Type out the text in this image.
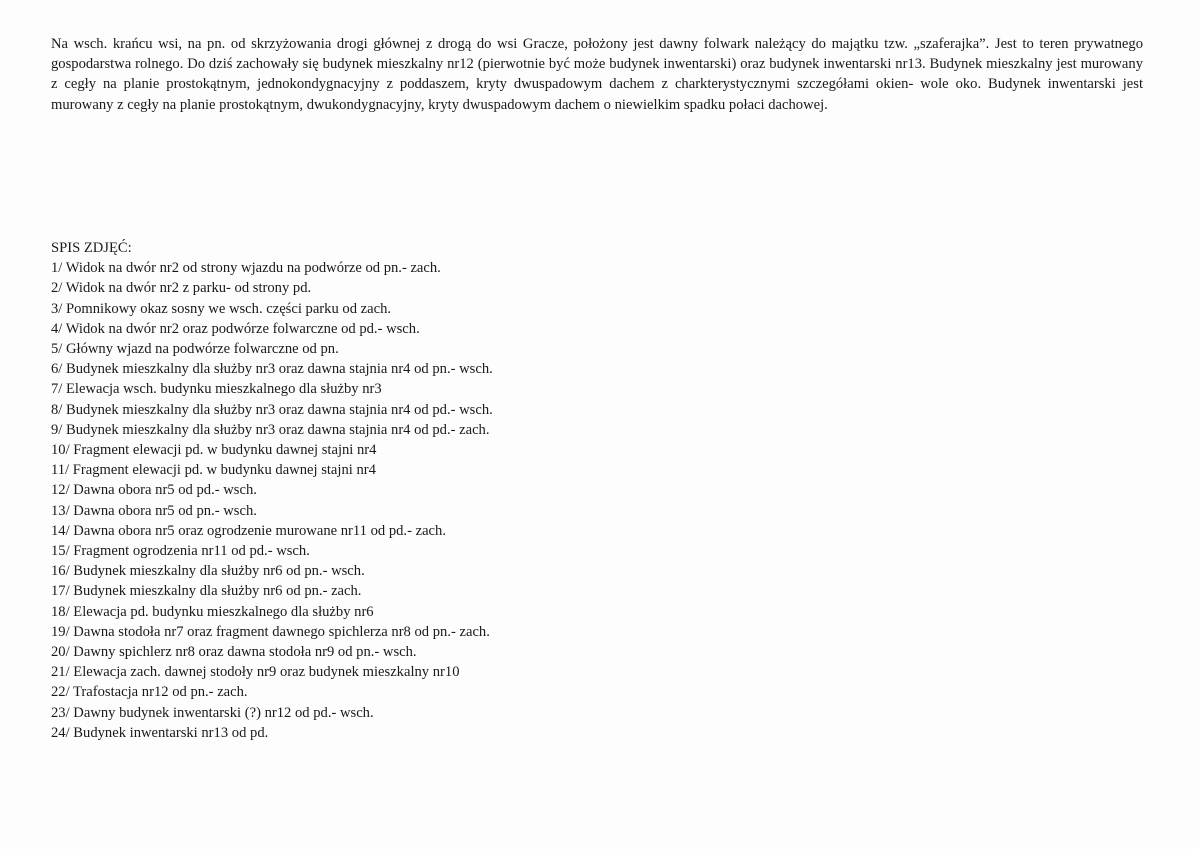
Na wsch. krańcu wsi, na pn. od skrzyżowania drogi głównej z drogą do wsi Gracze, położony jest dawny folwark należący do majątku tzw. „szaferajka”. Jest to teren prywatnego gospodarstwa rolnego. Do dziś zachowały się budynek mieszkalny nr12 (pierwotnie być może budynek inwentarski) oraz budynek inwentarski nr13. Budynek mieszkalny jest murowany z cegły na planie prostokątnym, jednokondygnacyjny z poddaszem, kryty dwuspadowym dachem z charkterystycznymi szczegółami okien- wole oko. Budynek inwentarski jest murowany z cegły na planie prostokątnym, dwukondygnacyjny, kryty dwuspadowym dachem o niewielkim spadku połaci dachowej.

SPIS ZDJĘĆ:
1/ Widok na dwór nr2 od strony wjazdu na podwórze od pn.- zach.
2/ Widok na dwór nr2 z parku- od strony pd.
3/ Pomnikowy okaz sosny we wsch. części parku od zach.
4/ Widok na dwór nr2 oraz podwórze folwarczne od pd.- wsch.
5/ Główny wjazd na podwórze folwarczne od pn.
6/ Budynek mieszkalny dla służby nr3 oraz dawna stajnia nr4 od pn.- wsch.
7/ Elewacja wsch. budynku mieszkalnego dla służby nr3
8/ Budynek mieszkalny dla służby nr3 oraz dawna stajnia nr4 od pd.- wsch.
9/ Budynek mieszkalny dla służby nr3 oraz dawna stajnia nr4 od pd.- zach.
10/ Fragment elewacji pd. w budynku dawnej stajni nr4
11/ Fragment elewacji pd. w budynku dawnej stajni nr4
12/ Dawna obora nr5 od pd.- wsch.
13/ Dawna obora nr5 od pn.- wsch.
14/ Dawna obora nr5 oraz ogrodzenie murowane nr11 od pd.- zach.
15/ Fragment ogrodzenia nr11 od pd.- wsch.
16/ Budynek mieszkalny dla służby nr6 od pn.- wsch.
17/ Budynek mieszkalny dla służby nr6 od pn.- zach.
18/ Elewacja pd. budynku mieszkalnego dla służby nr6
19/ Dawna stodoła nr7 oraz fragment dawnego spichlerza nr8 od pn.- zach.
20/ Dawny spichlerz nr8 oraz dawna stodoła nr9 od pn.- wsch.
21/ Elewacja zach. dawnej stodoły nr9 oraz budynek mieszkalny nr10
22/ Trafostacja nr12 od pn.- zach.
23/ Dawny budynek inwentarski (?) nr12 od pd.- wsch.
24/ Budynek inwentarski nr13 od pd.
